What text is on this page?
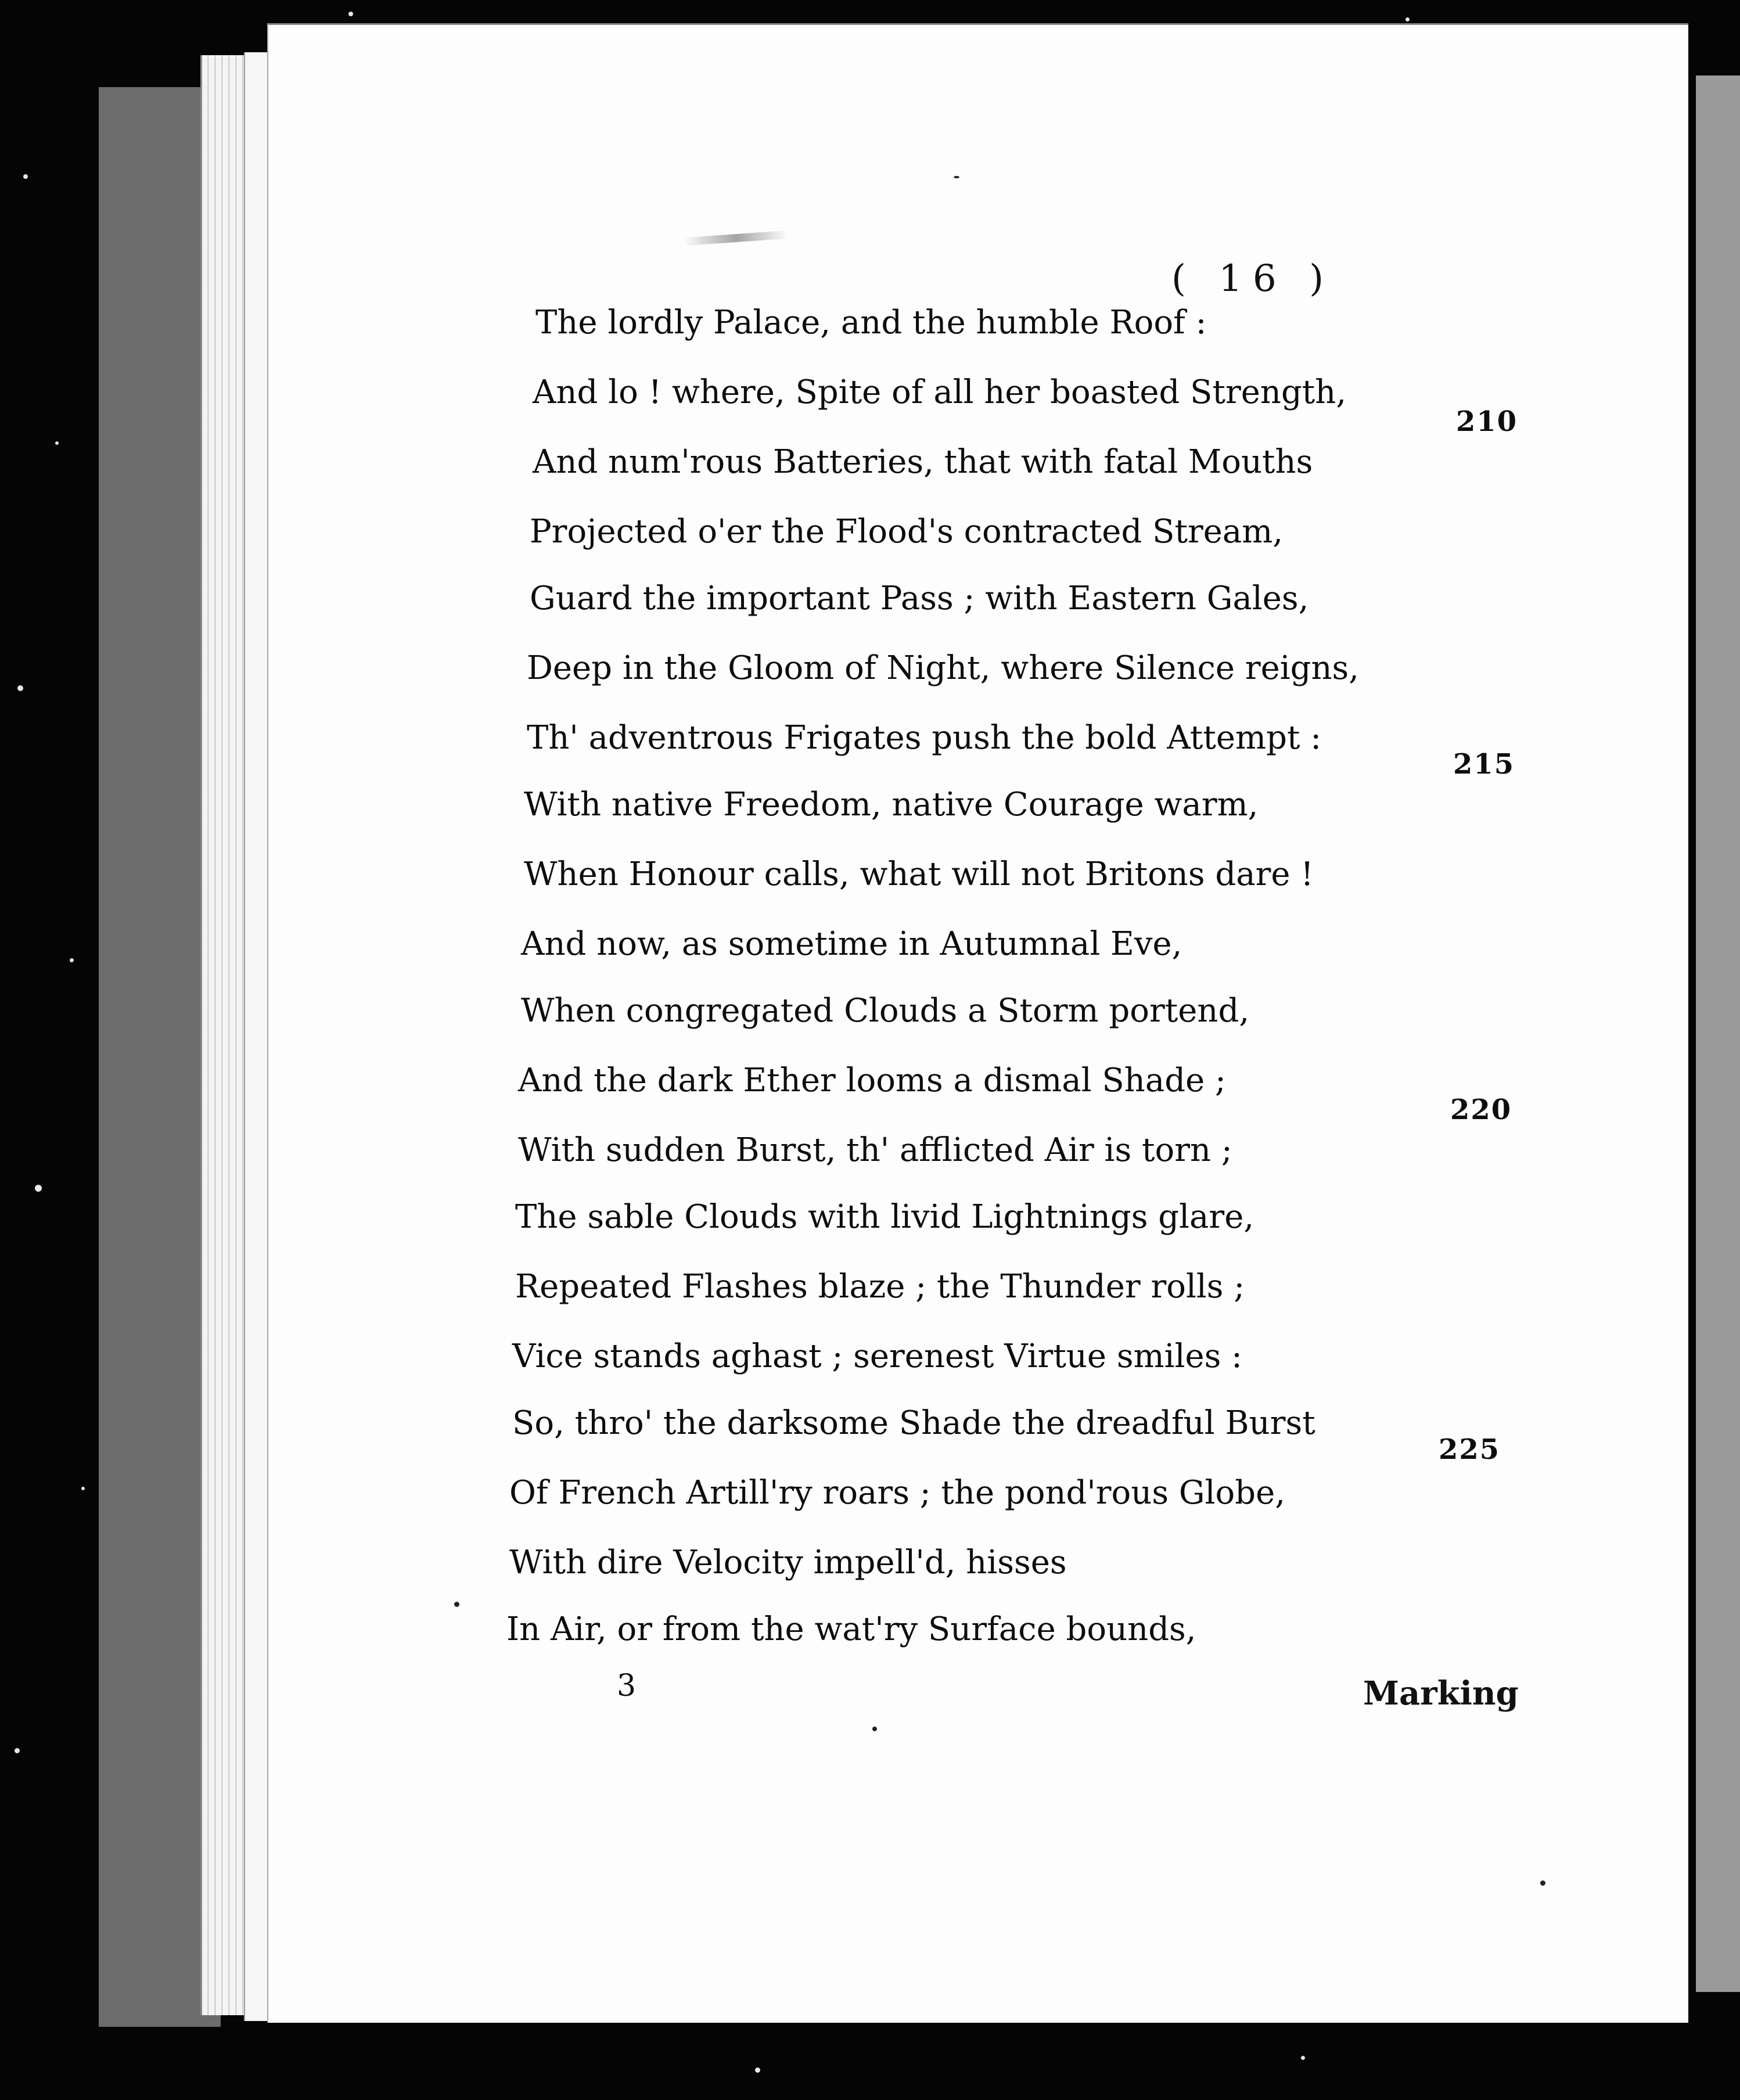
( 16 )
The lordly Palace, and the humble Roof :
And lo ! where, Spite of all her boasted Strength,
And num'rous Batteries, that with fatal Mouths
Projected o'er the Flood's contracted Stream,
Guard the important Pass ; with Eastern Gales,
Deep in the Gloom of Night, where Silence reigns,
Th' adventrous Frigates push the bold Attempt :
With native Freedom, native Courage warm,
When Honour calls, what will not Britons dare !
And now, as sometime in Autumnal Eve,
When congregated Clouds a Storm portend,
And the dark Ether looms a dismal Shade ;
With sudden Burst, th' afflicted Air is torn ;
The sable Clouds with livid Lightnings glare,
Repeated Flashes blaze ; the Thunder rolls ;
Vice stands aghast ; serenest Virtue smiles :
So, thro' the darksome Shade the dreadful Burst
Of French Artill'ry roars ; the pond'rous Globe,
With dire Velocity impell'd, hisses
In Air, or from the wat'ry Surface bounds,
210
215
220
225
3	Marking
